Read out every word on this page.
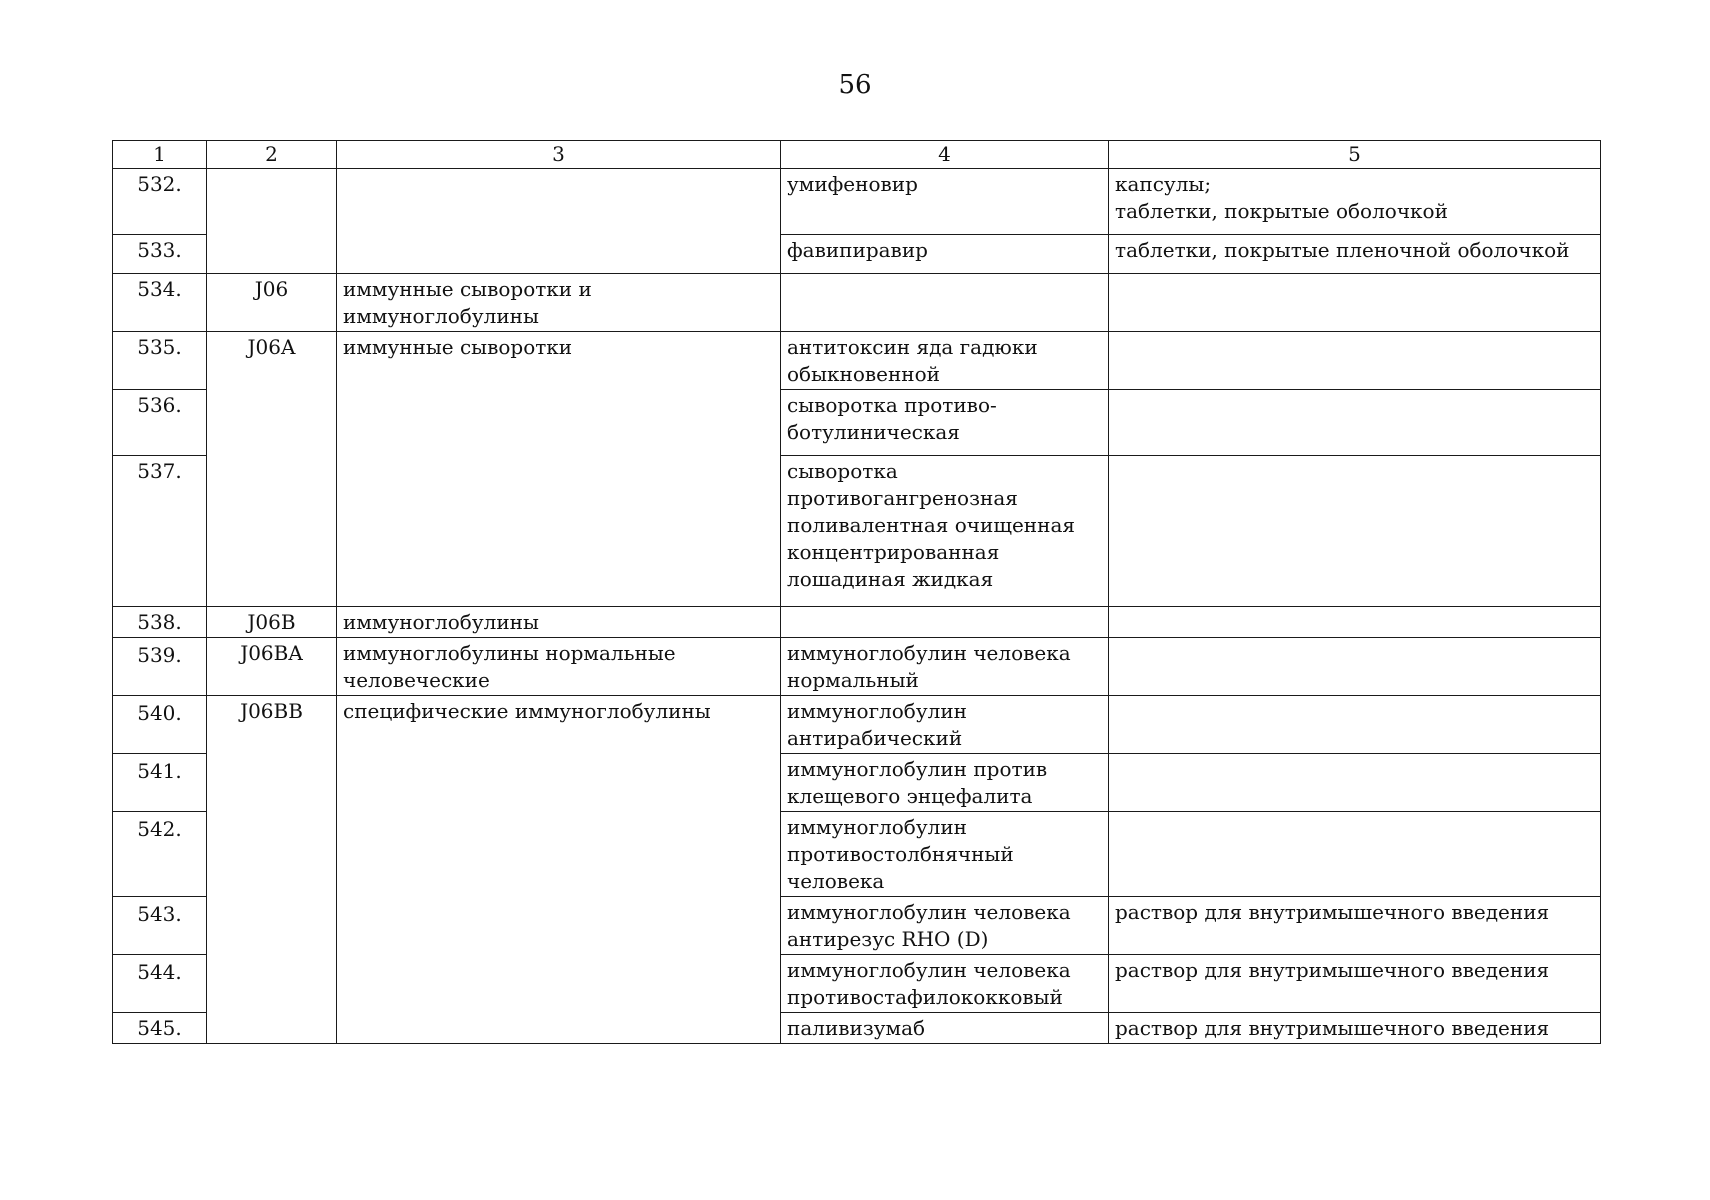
56
1	2	3	4	5
532.			умифеновир	капсулы;
таблетки, покрытые оболочкой

533.			фавипиравир	таблетки, покрытые пленочной оболочкой
534.	J06	иммунные сыворотки и
иммуноглобулины		

535.	J06A	иммунные сыворотки	антитоксин яда гадюки
обыкновенной	

536.			сыворотка противо-
ботулиническая	

537.			сыворотка
противогангренозная
поливалентная очищенная
концентрированная
лошадиная жидкая	

538.	J06B	иммуноглобулины		
539.	J06BA	иммуноглобулины нормальные
человеческие	иммуноглобулин человека
нормальный	

540.	J06BB	специфические иммуноглобулины	иммуноглобулин
антирабический	

541.			иммуноглобулин против
клещевого энцефалита	

542.			иммуноглобулин
противостолбнячный
человека	

543.			иммуноглобулин человека
антирезус RHO (D)	раствор для внутримышечного введения
544.			иммуноглобулин человека
противостафилококковый	раствор для внутримышечного введения
545.			паливизумаб	раствор для внутримышечного введения
